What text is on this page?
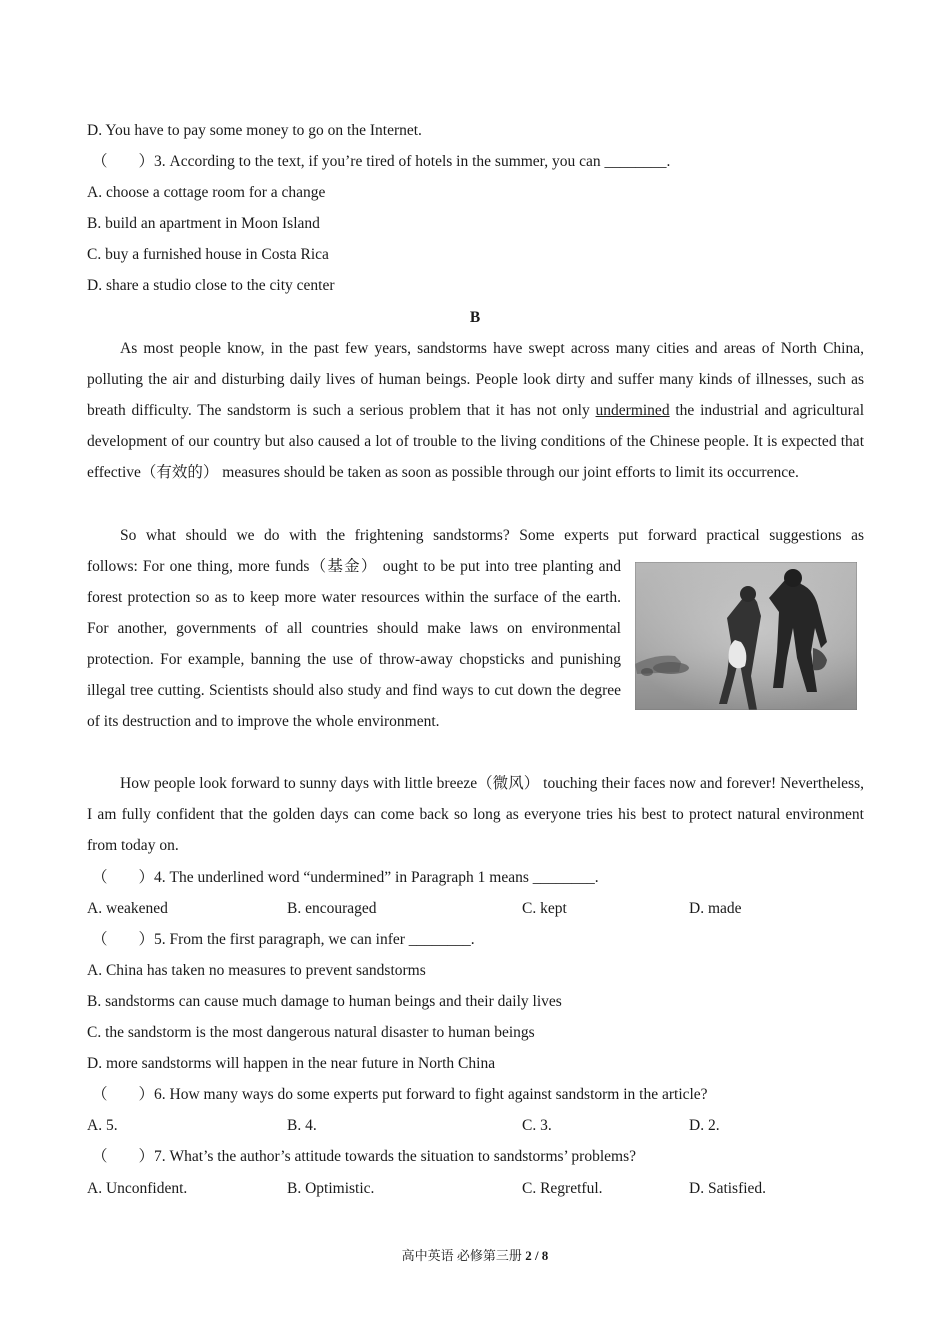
D. You have to pay some money to go on the Internet.
（　　）3. According to the text, if you’re tired of hotels in the summer, you can ________.
A. choose a cottage room for a change
B. build an apartment in Moon Island
C. buy a furnished house in Costa Rica
D. share a studio close to the city center
B
As most people know, in the past few years, sandstorms have swept across many cities and areas of North China, polluting the air and disturbing daily lives of human beings. People look dirty and suffer many kinds of illnesses, such as breath difficulty. The sandstorm is such a serious problem that it has not only undermined the industrial and agricultural development of our country but also caused a lot of trouble to the living conditions of the Chinese people. It is expected that effective（有效的） measures should be taken as soon as possible through our joint efforts to limit its occurrence.
So what should we do with the frightening sandstorms? Some experts put forward practical suggestions as
follows: For one thing, more funds（基金） ought to be put into tree planting and forest protection so as to keep more water resources within the surface of the earth. For another, governments of all countries should make laws on environmental protection. For example, banning the use of throw-away chopsticks and punishing illegal tree cutting. Scientists should also study and find ways to cut down the degree of its destruction and to improve the whole environment.
How people look forward to sunny days with little breeze（微风） touching their faces now and forever! Nevertheless, I am fully confident that the golden days can come back so long as everyone tries his best to protect natural environment from today on.
（　　）4. The underlined word “undermined” in Paragraph 1 means ________.
A. weakened	B. encouraged	C. kept	D. made
（　　）5. From the first paragraph, we can infer ________.
A. China has taken no measures to prevent sandstorms
B. sandstorms can cause much damage to human beings and their daily lives
C. the sandstorm is the most dangerous natural disaster to human beings
D. more sandstorms will happen in the near future in North China
（　　）6. How many ways do some experts put forward to fight against sandstorm in the article?
A. 5.	B. 4.	C. 3.	D. 2.
（　　）7. What’s the author’s attitude towards the situation to sandstorms’ problems?
A. Unconfident.	B. Optimistic.	C. Regretful.	D. Satisfied.
高中英语 必修第三册 2 / 8
